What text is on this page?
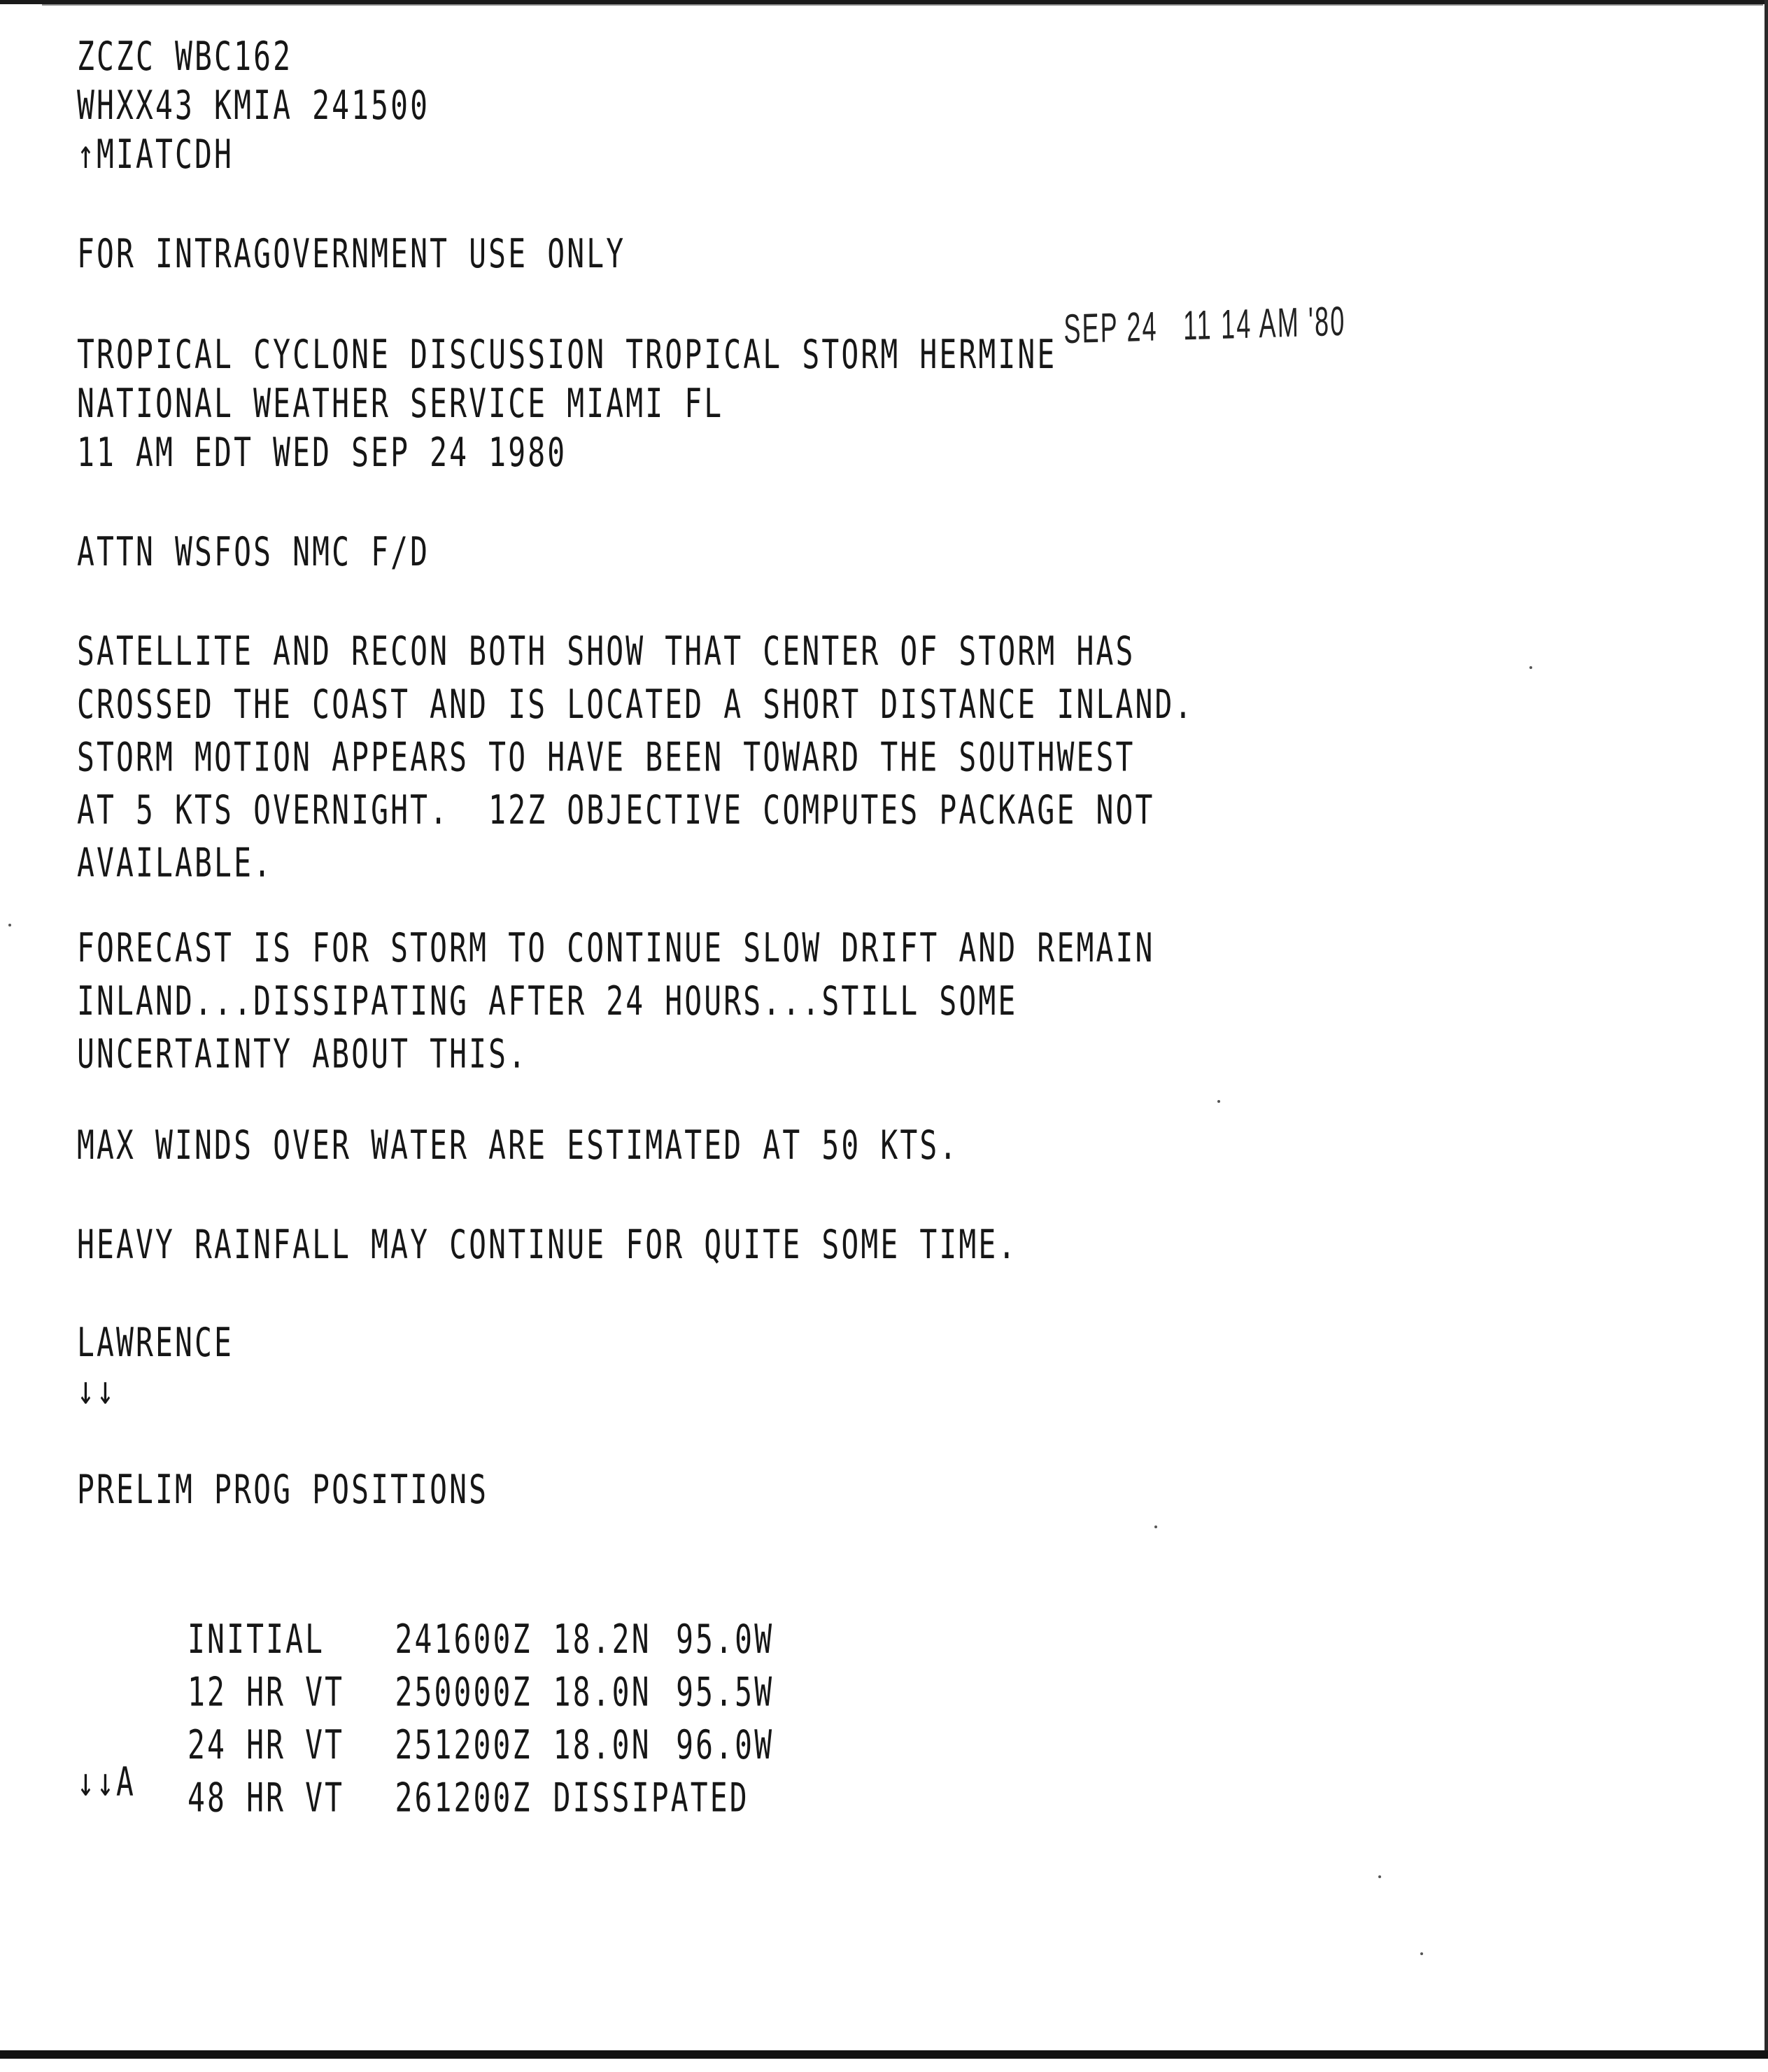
ZCZC WBC162
WHXX43 KMIA 241500
↑MIATCDH
FOR INTRAGOVERNMENT USE ONLY
SEP 24   11 14 AM '80
TROPICAL CYCLONE DISCUSSION TROPICAL STORM HERMINE
NATIONAL WEATHER SERVICE MIAMI FL
11 AM EDT WED SEP 24 1980
ATTN WSFOS NMC F/D
SATELLITE AND RECON BOTH SHOW THAT CENTER OF STORM HAS
CROSSED THE COAST AND IS LOCATED A SHORT DISTANCE INLAND.
STORM MOTION APPEARS TO HAVE BEEN TOWARD THE SOUTHWEST
AT 5 KTS OVERNIGHT.  12Z OBJECTIVE COMPUTES PACKAGE NOT
AVAILABLE.
FORECAST IS FOR STORM TO CONTINUE SLOW DRIFT AND REMAIN
INLAND...DISSIPATING AFTER 24 HOURS...STILL SOME
UNCERTAINTY ABOUT THIS.
MAX WINDS OVER WATER ARE ESTIMATED AT 50 KTS.
HEAVY RAINFALL MAY CONTINUE FOR QUITE SOME TIME.
LAWRENCE
↓↓
PRELIM PROG POSITIONS

INITIAL 241600Z 18.2N 95.0W

12 HR VT 250000Z 18.0N 95.5W

24 HR VT 251200Z 18.0N 96.0W

48 HR VT 261200Z DISSIPATED

↓↓A
